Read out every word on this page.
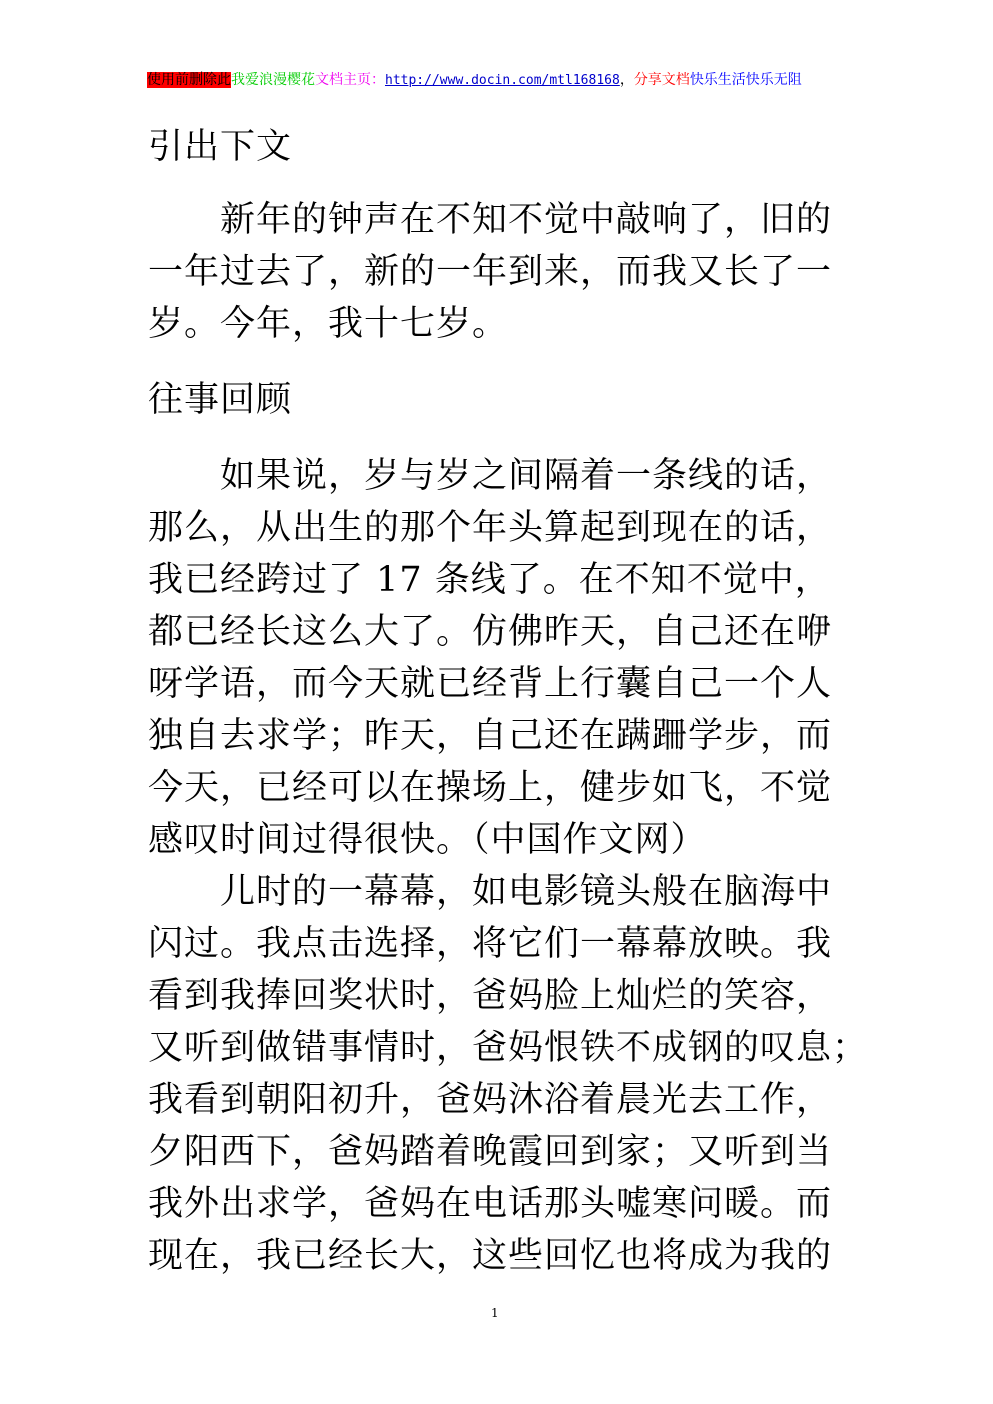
使用前删除此我爱浪漫樱花文档主页：http://www.docin.com/mtl168168，分享文档快乐生活快乐无阻
引出下文
　　新年的钟声在不知不觉中敲响了，旧的
一年过去了，新的一年到来，而我又长了一
岁。今年，我十七岁。
往事回顾
　　如果说，岁与岁之间隔着一条线的话，
那么，从出生的那个年头算起到现在的话，
我已经跨过了 17 条线了。在不知不觉中，
都已经长这么大了。仿佛昨天，自己还在咿
呀学语，而今天就已经背上行囊自己一个人
独自去求学；昨天，自己还在蹒跚学步，而
今天，已经可以在操场上，健步如飞，不觉
感叹时间过得很快。（中国作文网）
　　儿时的一幕幕，如电影镜头般在脑海中
闪过。我点击选择，将它们一幕幕放映。我
看到我捧回奖状时，爸妈脸上灿烂的笑容，
又听到做错事情时，爸妈恨铁不成钢的叹息；
我看到朝阳初升，爸妈沐浴着晨光去工作，
夕阳西下，爸妈踏着晚霞回到家；又听到当
我外出求学，爸妈在电话那头嘘寒问暖。而
现在，我已经长大，这些回忆也将成为我的
1
